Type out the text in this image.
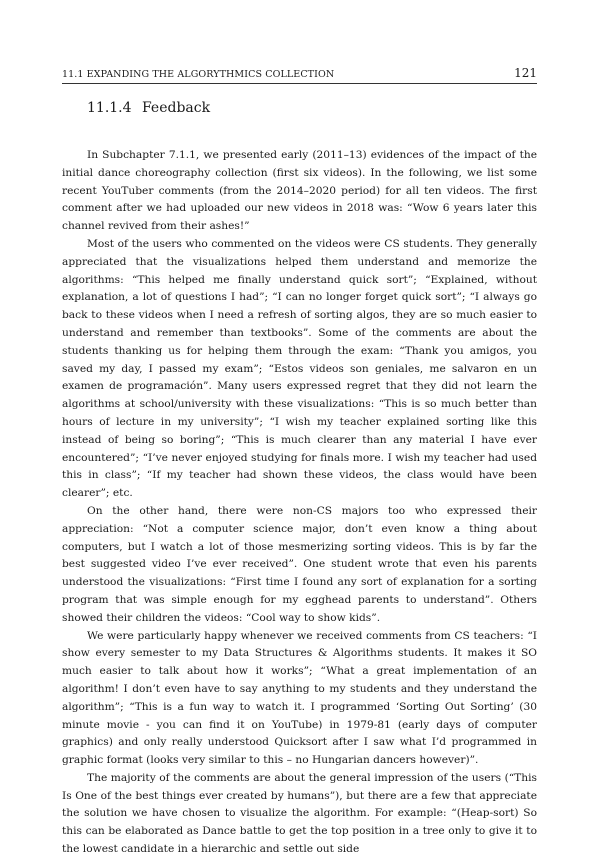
11.1 EXPANDING THE ALGORYTHMICS COLLECTION	121
11.1.4 Feedback

In Subchapter 7.1.1, we presented early (2011–13) evidences of the impact of the initial dance choreography collection (first six videos). In the following, we list some recent YouTuber comments (from the 2014–2020 period) for all ten videos. The first comment after we had uploaded our new videos in 2018 was: “Wow 6 years later this channel revived from their ashes!”

Most of the users who commented on the videos were CS students. They generally appreciated that the visualizations helped them understand and memorize the algorithms: “This helped me finally understand quick sort”; “Explained, without explanation, a lot of questions I had”; “I can no longer forget quick sort”; “I always go back to these videos when I need a refresh of sorting algos, they are so much easier to understand and remember than textbooks”. Some of the comments are about the students thanking us for helping them through the exam: “Thank you amigos, you saved my day, I passed my exam”; “Estos videos son geniales, me salvaron en un examen de programación”. Many users expressed regret that they did not learn the algorithms at school/university with these visualizations: “This is so much better than hours of lecture in my university”; “I wish my teacher explained sorting like this instead of being so boring”; “This is much clearer than any material I have ever encountered”; “I’ve never enjoyed studying for finals more. I wish my teacher had used this in class”; “If my teacher had shown these videos, the class would have been clearer”; etc.

On the other hand, there were non-CS majors too who expressed their appreciation: “Not a computer science major, don’t even know a thing about computers, but I watch a lot of those mesmerizing sorting videos. This is by far the best suggested video I’ve ever received”. One student wrote that even his parents understood the visualizations: “First time I found any sort of explanation for a sorting program that was simple enough for my egghead parents to understand”. Others showed their children the videos: “Cool way to show kids”.

We were particularly happy whenever we received comments from CS teachers: “I show every semester to my Data Structures & Algorithms students. It makes it SO much easier to talk about how it works”; “What a great implementation of an algorithm! I don’t even have to say anything to my students and they understand the algorithm”; “This is a fun way to watch it. I programmed ‘Sorting Out Sorting’ (30 minute movie - you can find it on YouTube) in 1979-81 (early days of computer graphics) and only really understood Quicksort after I saw what I’d programmed in graphic format (looks very similar to this – no Hungarian dancers however)”.

The majority of the comments are about the general impression of the users (“This Is One of the best things ever created by humans”), but there are a few that appreciate the solution we have chosen to visualize the algorithm. For example: “(Heap-sort) So this can be elaborated as Dance battle to get the top position in a tree only to give it to the lowest candidate in a hierarchic and settle out side
